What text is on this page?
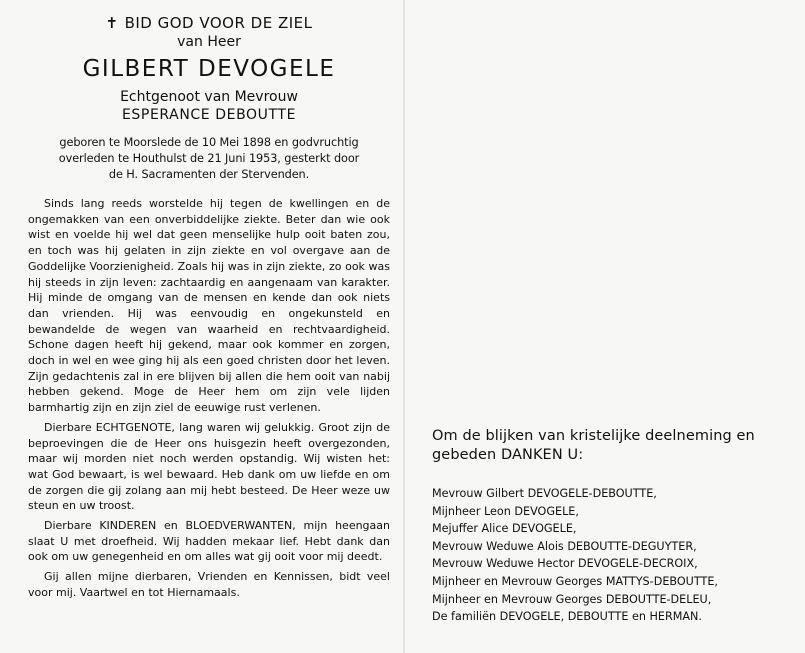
✝ BID GOD VOOR DE ZIEL
van Heer
GILBERT DEVOGELE
Echtgenoot van Mevrouw
ESPERANCE DEBOUTTE
geboren te Moorslede de 10 Mei 1898 en godvruchtig
overleden te Houthulst de 21 Juni 1953, gesterkt door
de H. Sacramenten der Stervenden.

Sinds lang reeds worstelde hij tegen de kwellingen en de ongemakken van een onverbiddelijke ziekte. Beter dan wie ook wist en voelde hij wel dat geen menselijke hulp ooit baten zou, en toch was hij gelaten in zijn ziekte en vol overgave aan de Goddelijke Voorzienigheid. Zoals hij was in zijn ziekte, zo ook was hij steeds in zijn leven: zachtaardig en aangenaam van karakter. Hij minde de omgang van de mensen en kende dan ook niets dan vrienden. Hij was eenvoudig en ongekunsteld en bewandelde de wegen van waarheid en rechtvaardigheid. Schone dagen heeft hij gekend, maar ook kommer en zorgen, doch in wel en wee ging hij als een goed christen door het leven. Zijn gedachtenis zal in ere blijven bij allen die hem ooit van nabij hebben gekend. Moge de Heer hem om zijn vele lijden barmhartig zijn en zijn ziel de eeuwige rust verlenen.

Dierbare ECHTGENOTE, lang waren wij gelukkig. Groot zijn de beproevingen die de Heer ons huisgezin heeft overgezonden, maar wij morden niet noch werden opstandig. Wij wisten het: wat God bewaart, is wel bewaard. Heb dank om uw liefde en om de zorgen die gij zolang aan mij hebt besteed. De Heer weze uw steun en uw troost.

Dierbare KINDEREN en BLOEDVERWANTEN, mijn heengaan slaat U met droefheid. Wij hadden mekaar lief. Hebt dank dan ook om uw genegenheid en om alles wat gij ooit voor mij deedt.

Gij allen mijne dierbaren, Vrienden en Kennissen, bidt veel voor mij. Vaartwel en tot Hiernamaals.

Om de blijken van kristelijke deelneming en
gebeden DANKEN U:
Mevrouw Gilbert DEVOGELE-DEBOUTTE,
Mijnheer Leon DEVOGELE,
Mejuffer Alice DEVOGELE,
Mevrouw Weduwe Alois DEBOUTTE-DEGUYTER,
Mevrouw Weduwe Hector DEVOGELE-DECROIX,
Mijnheer en Mevrouw Georges MATTYS-DEBOUTTE,
Mijnheer en Mevrouw Georges DEBOUTTE-DELEU,
De familiën DEVOGELE, DEBOUTTE en HERMAN.
